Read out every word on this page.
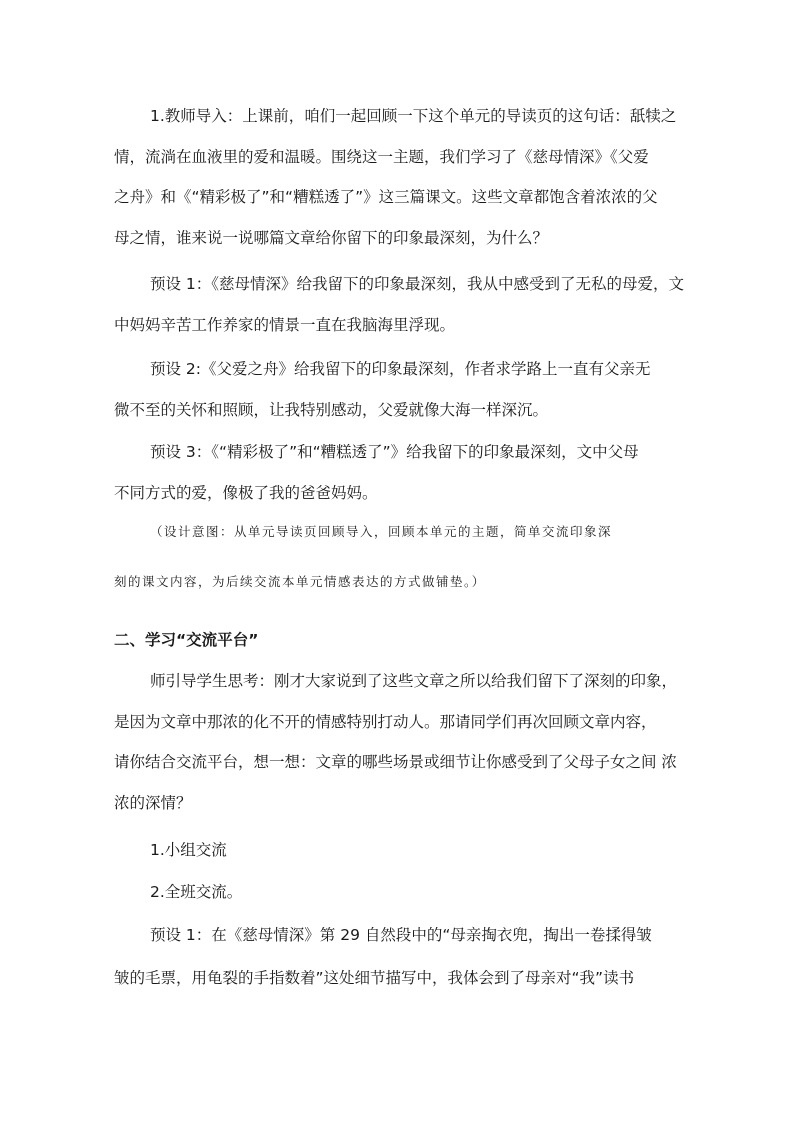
1.教师导入：上课前，咱们一起回顾一下这个单元的导读页的这句话：舐犊之
情，流淌在血液里的爱和温暖。围绕这一主题，我们学习了《慈母情深》《父爱
之舟》和《“精彩极了”和“糟糕透了”》这三篇课文。这些文章都饱含着浓浓的父
母之情，谁来说一说哪篇文章给你留下的印象最深刻，为什么？
预设 1：《慈母情深》给我留下的印象最深刻，我从中感受到了无私的母爱，文
中妈妈辛苦工作养家的情景一直在我脑海里浮现。
预设 2:《父爱之舟》给我留下的印象最深刻，作者求学路上一直有父亲无
微不至的关怀和照顾，让我特别感动，父爱就像大海一样深沉。
预设 3：《“精彩极了”和“糟糕透了”》给我留下的印象最深刻，文中父母
不同方式的爱，像极了我的爸爸妈妈。
（设计意图：从单元导读页回顾导入，回顾本单元的主题，简单交流印象深
刻的课文内容，为后续交流本单元情感表达的方式做铺垫。）
二、学习“交流平台”
师引导学生思考：刚才大家说到了这些文章之所以给我们留下了深刻的印象，
是因为文章中那浓的化不开的情感特别打动人。那请同学们再次回顾文章内容，
请你结合交流平台，想一想：文章的哪些场景或细节让你感受到了父母子女之间 浓
浓的深情？
1.小组交流
2.全班交流。
预设 1：在《慈母情深》第 29 自然段中的“母亲掏衣兜，掏出一卷揉得皱
皱的毛票，用龟裂的手指数着”这处细节描写中，我体会到了母亲对“我”读书
